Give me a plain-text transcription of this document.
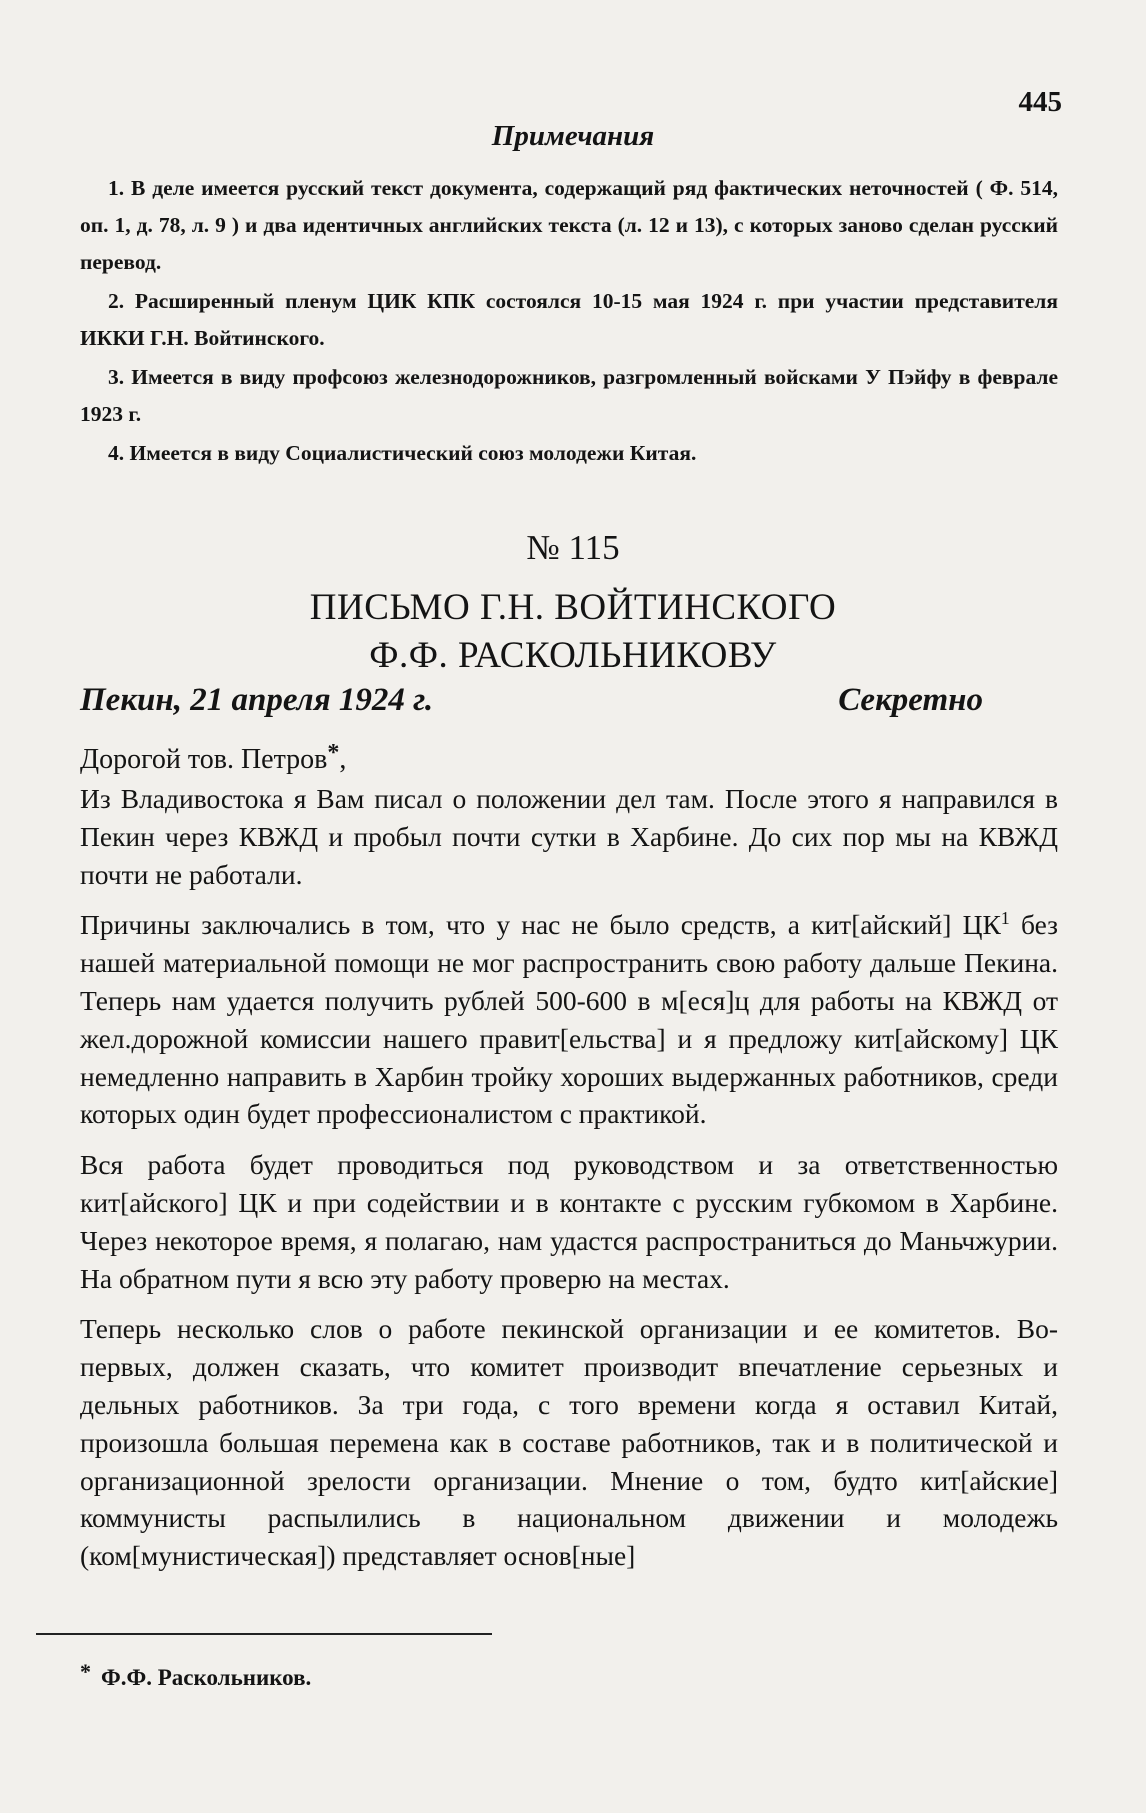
445
Примечания

1. В деле имеется русский текст документа, содержащий ряд фактических неточностей ( Ф. 514, оп. 1, д. 78, л. 9 ) и два идентичных английских текста (л. 12 и 13), с которых заново сделан русский перевод.

2. Расширенный пленум ЦИК КПК состоялся 10-15 мая 1924 г. при участии представителя ИККИ Г.Н. Войтинского.

3. Имеется в виду профсоюз железнодорожников, разгромленный войсками У Пэйфу в феврале 1923 г.

4. Имеется в виду Социалистический союз молодежи Китая.

№ 115
ПИСЬМО Г.Н. ВОЙТИНСКОГО
Ф.Ф. РАСКОЛЬНИКОВУ
Пекин, 21 апреля 1924 г.	Секретно
Дорогой тов. Петров*,

Из Владивостока я Вам писал о положении дел там. После этого я направился в Пекин через КВЖД и пробыл почти сутки в Харбине. До сих пор мы на КВЖД почти не работали.

Причины заключались в том, что у нас не было средств, а кит[айский] $ЦК^1$ без нашей материальной помощи не мог распространить свою работу дальше Пекина. Теперь нам удается получить рублей 500-600 в м[еся]ц для работы на КВЖД от жел.дорожной комиссии нашего правит[ельства] и я предложу кит[айскому] ЦК немедленно направить в Харбин тройку хороших выдержанных работников, среди которых один будет профессионалистом с практикой.

Вся работа будет проводиться под руководством и за ответственностью кит[айского] ЦК и при содействии и в контакте с русским губкомом в Харбине. Через некоторое время, я полагаю, нам удастся распространиться до Маньчжурии. На обратном пути я всю эту работу проверю на местах.

Теперь несколько слов о работе пекинской организации и ее комитетов. Во-первых, должен сказать, что комитет производит впечатление серьезных и дельных работников. За три года, с того времени когда я оставил Китай, произошла большая перемена как в составе работников, так и в политической и организационной зрелости организации. Мнение о том, будто кит[айские] коммунисты распылились в национальном движении и молодежь (ком[мунистическая]) представляет основ[ные]

* Ф.Ф. Раскольников.
